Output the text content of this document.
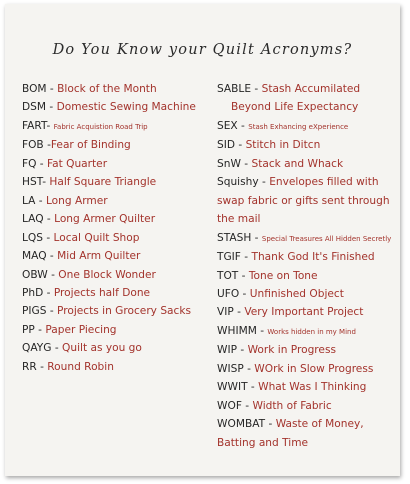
Do You Know your Quilt Acronyms?
BOM - Block of the Month
DSM - Domestic Sewing Machine
FART- Fabric Acquistion Road Trip
FOB -Fear of Binding
FQ - Fat Quarter
HST- Half Square Triangle
LA - Long Armer
LAQ - Long Armer Quilter
LQS - Local Quilt Shop
MAQ - Mid Arm Quilter
OBW - One Block Wonder
PhD - Projects half Done
PIGS - Projects in Grocery Sacks
PP - Paper Piecing
QAYG - Quilt as you go
RR - Round Robin
SABLE - Stash Accumilated
Beyond Life Expectancy
SEX - Stash Exhancing eXperience
SID - Stitch in Ditcn
SnW - Stack and Whack
Squishy - Envelopes filled with
swap fabric or gifts sent through
the mail
STASH - Special Treasures All Hidden Secretly
TGIF - Thank God It's Finished
TOT - Tone on Tone
UFO - Unfinished Object
VIP - Very Important Project
WHIMM - Works hidden in my Mind
WIP - Work in Progress
WISP - WOrk in Slow Progress
WWIT - What Was I Thinking
WOF - Width of Fabric
WOMBAT - Waste of Money,
Batting and Time
